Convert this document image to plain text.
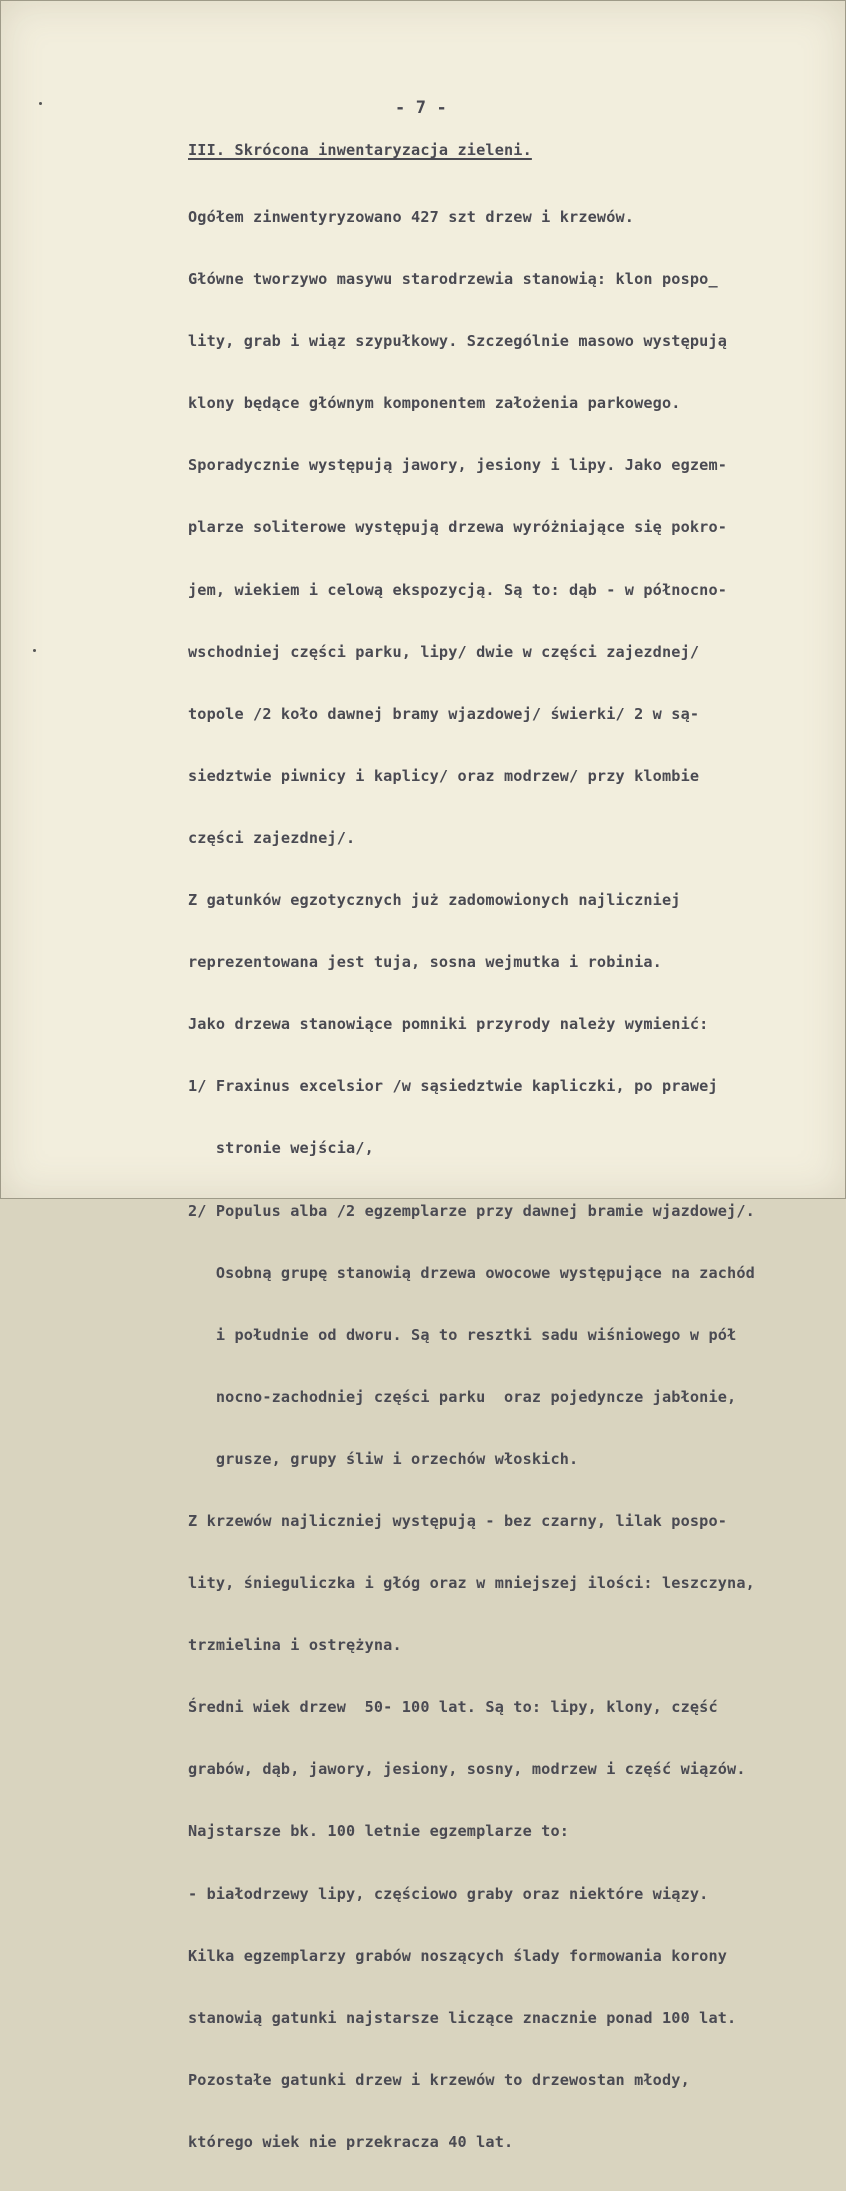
- 7 -
III. Skrócona inwentaryzacja zieleni.

Ogółem zinwentyryzowano 427 szt drzew i krzewów.

Główne tworzywo masywu starodrzewia stanowią: klon pospo_

lity, grab i wiąz szypułkowy. Szczególnie masowo występują

klony będące głównym komponentem założenia parkowego.

Sporadycznie występują jawory, jesiony i lipy. Jako egzem-

plarze soliterowe występują drzewa wyróżniające się pokro-

jem, wiekiem i celową ekspozycją. Są to: dąb - w północno-

wschodniej części parku, lipy/ dwie w części zajezdnej/

topole /2 koło dawnej bramy wjazdowej/ świerki/ 2 w są-

siedztwie piwnicy i kaplicy/ oraz modrzew/ przy klombie

części zajezdnej/.

Z gatunków egzotycznych już zadomowionych najliczniej

reprezentowana jest tuja, sosna wejmutka i robinia.

Jako drzewa stanowiące pomniki przyrody należy wymienić:

1/ Fraxinus excelsior /w sąsiedztwie kapliczki, po prawej

stronie wejścia/,

2/ Populus alba /2 egzemplarze przy dawnej bramie wjazdowej/.

Osobną grupę stanowią drzewa owocowe występujące na zachód

i południe od dworu. Są to resztki sadu wiśniowego w pół

nocno-zachodniej części parku  oraz pojedyncze jabłonie,

grusze, grupy śliw i orzechów włoskich.

Z krzewów najliczniej występują - bez czarny, lilak pospo-

lity, śnieguliczka i głóg oraz w mniejszej ilości: leszczyna,

trzmielina i ostrężyna.

Średni wiek drzew  50- 100 lat. Są to: lipy, klony, część

grabów, dąb, jawory, jesiony, sosny, modrzew i część wiązów.

Najstarsze bk. 100 letnie egzemplarze to:

- białodrzewy lipy, częściowo graby oraz niektóre wiązy.

Kilka egzemplarzy grabów noszących ślady formowania korony

stanowią gatunki najstarsze liczące znacznie ponad 100 lat.

Pozostałe gatunki drzew i krzewów to drzewostan młody,

którego wiek nie przekracza 40 lat.
